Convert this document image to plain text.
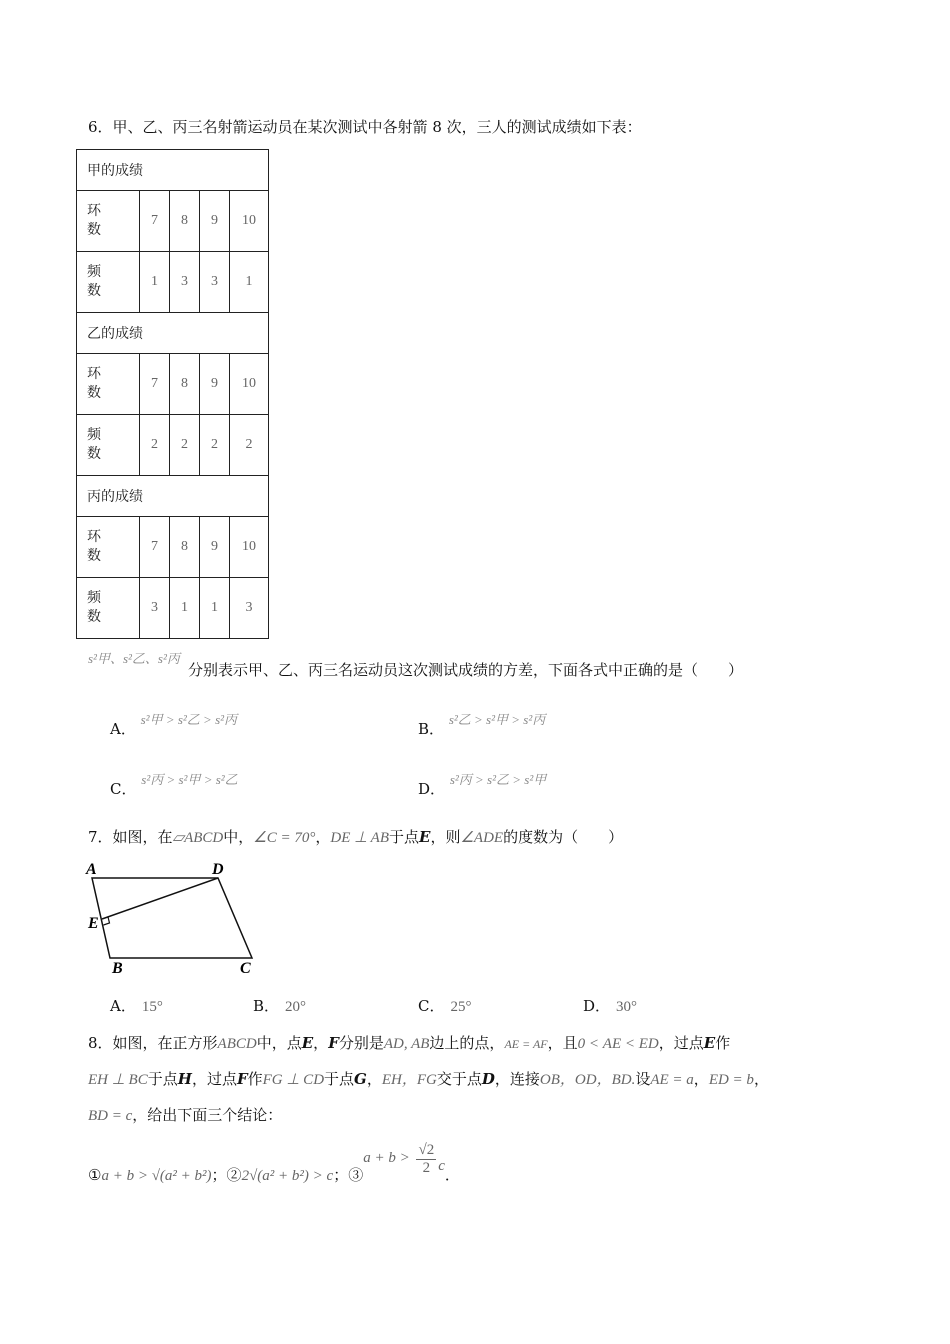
6．甲、乙、丙三名射箭运动员在某次测试中各射箭 8 次，三人的测试成绩如下表：
甲的成绩				

环数	7	8	9	10

频数	1	3	3	1
乙的成绩				

环数	7	8	9	10

频数	2	2	2	2
丙的成绩				

环数	7	8	9	10

频数	3	1	1	3
s²甲、s²乙、s²丙
分别表示甲、乙、丙三名运动员这次测试成绩的方差，下面各式中正确的是（　　）
A． s²甲 > s²乙 > s²丙
B． s²乙 > s²甲 > s²丙
C． s²丙 > s²甲 > s²乙
D． s²丙 > s²乙 > s²甲
7．如图，在▱ABCD中，∠C = 70°，DE ⊥ AB于点E，则∠ADE的度数为（　　）
A	D
E
B	C
A． 15°	B． 20°	C． 25°	D． 30°
8．如图，在正方形ABCD中，点E，F分别是AD, AB边上的点，AE = AF，且0 < AE < ED，过点E作
EH ⊥ BC于点H，过点F作FG ⊥ CD于点G，EH，FG交于点D，连接OB，OD，BD.设AE = a，ED = b，
BD = c，给出下面三个结论：
①a + b > √(a² + b²)；②2√(a² + b²) > c；③a + $b > \frac{√2}{2}$ c．
